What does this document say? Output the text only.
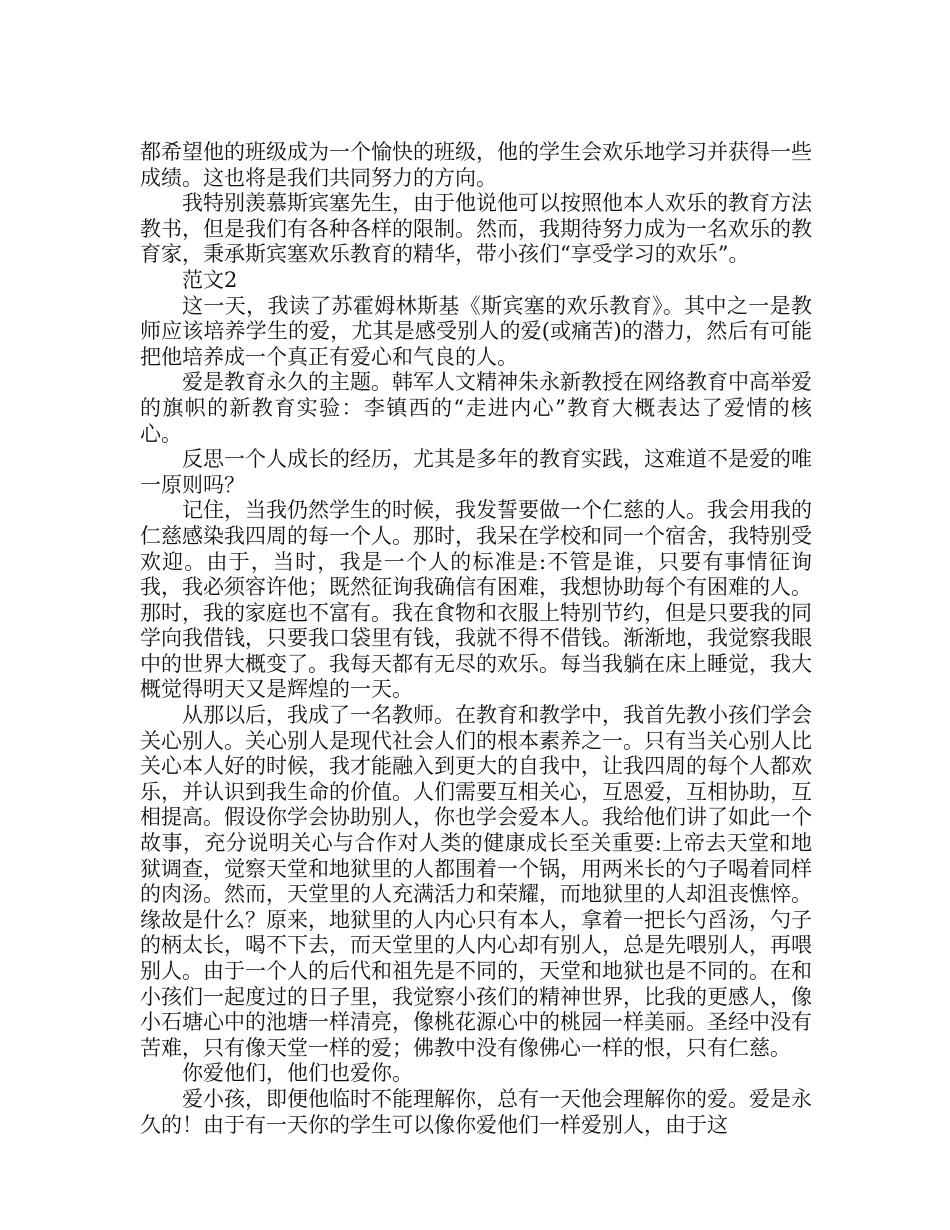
都希望他的班级成为一个愉快的班级，他的学生会欢乐地学习并获得一些成绩。这也将是我们共同努力的方向。

我特别羡慕斯宾塞先生，由于他说他可以按照他本人欢乐的教育方法教书，但是我们有各种各样的限制。然而，我期待努力成为一名欢乐的教育家，秉承斯宾塞欢乐教育的精华，带小孩们“享受学习的欢乐”。

范文2

这一天，我读了苏霍姆林斯基《斯宾塞的欢乐教育》。其中之一是教师应该培养学生的爱，尤其是感受别人的爱(或痛苦)的潜力，然后有可能把他培养成一个真正有爱心和气良的人。

爱是教育永久的主题。韩军人文精神朱永新教授在网络教育中高举爱的旗帜的新教育实验：李镇西的“走进内心”教育大概表达了爱情的核心。

反思一个人成长的经历，尤其是多年的教育实践，这难道不是爱的唯一原则吗？

记住，当我仍然学生的时候，我发誓要做一个仁慈的人。我会用我的仁慈感染我四周的每一个人。那时，我呆在学校和同一个宿舍，我特别受欢迎。由于，当时，我是一个人的标准是:不管是谁，只要有事情征询我，我必须容许他；既然征询我确信有困难，我想协助每个有困难的人。那时，我的家庭也不富有。我在食物和衣服上特别节约，但是只要我的同学向我借钱，只要我口袋里有钱，我就不得不借钱。渐渐地，我觉察我眼中的世界大概变了。我每天都有无尽的欢乐。每当我躺在床上睡觉，我大概觉得明天又是辉煌的一天。

从那以后，我成了一名教师。在教育和教学中，我首先教小孩们学会关心别人。关心别人是现代社会人们的根本素养之一。只有当关心别人比关心本人好的时候，我才能融入到更大的自我中，让我四周的每个人都欢乐，并认识到我生命的价值。人们需要互相关心，互恩爱，互相协助，互相提高。假设你学会协助别人，你也学会爱本人。我给他们讲了如此一个故事，充分说明关心与合作对人类的健康成长至关重要:上帝去天堂和地狱调查，觉察天堂和地狱里的人都围着一个锅，用两米长的勺子喝着同样的肉汤。然而，天堂里的人充满活力和荣耀，而地狱里的人却沮丧憔悴。缘故是什么？原来，地狱里的人内心只有本人，拿着一把长勺舀汤，勺子的柄太长，喝不下去，而天堂里的人内心却有别人，总是先喂别人，再喂别人。由于一个人的后代和祖先是不同的，天堂和地狱也是不同的。在和小孩们一起度过的日子里，我觉察小孩们的精神世界，比我的更感人，像小石塘心中的池塘一样清亮，像桃花源心中的桃园一样美丽。圣经中没有苦难，只有像天堂一样的爱；佛教中没有像佛心一样的恨，只有仁慈。

你爱他们，他们也爱你。

爱小孩，即便他临时不能理解你，总有一天他会理解你的爱。爱是永久的！由于有一天你的学生可以像你爱他们一样爱别人，由于这
